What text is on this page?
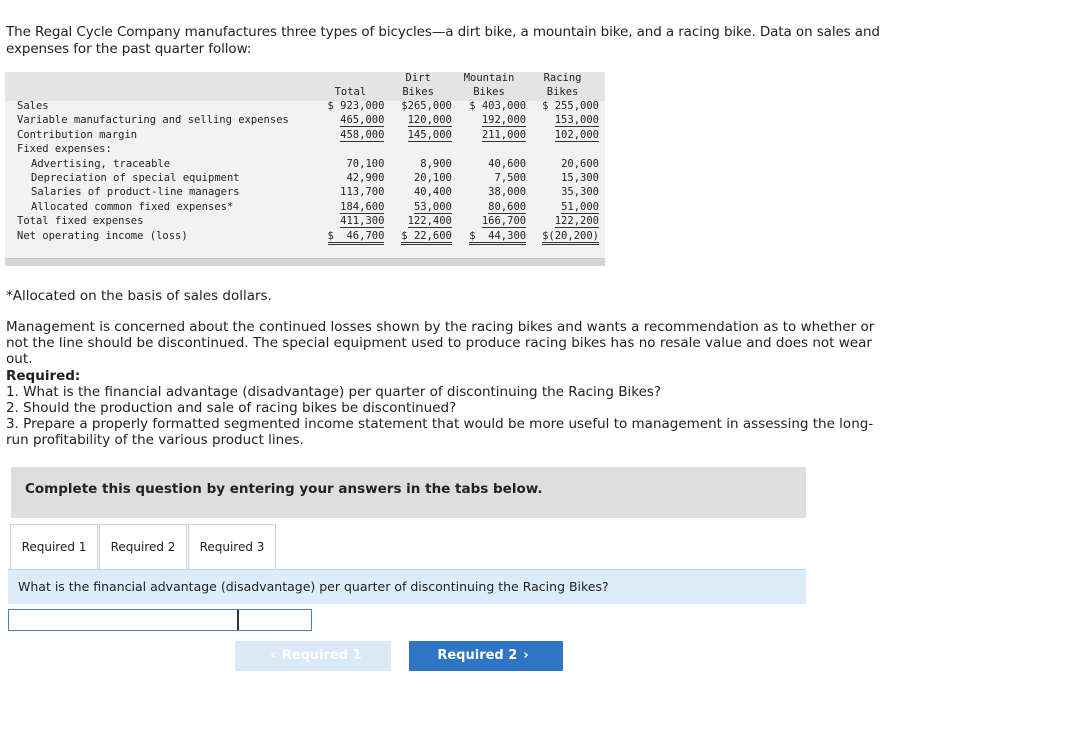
The Regal Cycle Company manufactures three types of bicycles—a dirt bike, a mountain bike, and a racing bike. Data on sales and expenses for the past quarter follow:
		Dirt	Mountain	Racing
	Total	Bikes	Bikes	Bikes
Sales	$ 923,000	$265,000	$ 403,000	$ 255,000
Variable manufacturing and selling expenses	465,000	120,000	192,000	153,000
Contribution margin	458,000	145,000	211,000	102,000
Fixed expenses:				
Advertising, traceable	70,100	8,900	40,600	20,600
Depreciation of special equipment	42,900	20,100	7,500	15,300
Salaries of product-line managers	113,700	40,400	38,000	35,300
Allocated common fixed expenses*	184,600	53,000	80,600	51,000
Total fixed expenses	411,300	122,400	166,700	122,200
Net operating income (loss)	$  46,700	$ 22,600	$  44,300	$(20,200)
*Allocated on the basis of sales dollars.
Management is concerned about the continued losses shown by the racing bikes and wants a recommendation as to whether or not the line should be discontinued. The special equipment used to produce racing bikes has no resale value and does not wear out.
Required:
1. What is the financial advantage (disadvantage) per quarter of discontinuing the Racing Bikes?
2. Should the production and sale of racing bikes be discontinued?
3. Prepare a properly formatted segmented income statement that would be more useful to management in assessing the long-run profitability of the various product lines.
Complete this question by entering your answers in the tabs below.
Required 1	Required 2	Required 3
What is the financial advantage (disadvantage) per quarter of discontinuing the Racing Bikes?
‹ Required 1	Required 2 ›
